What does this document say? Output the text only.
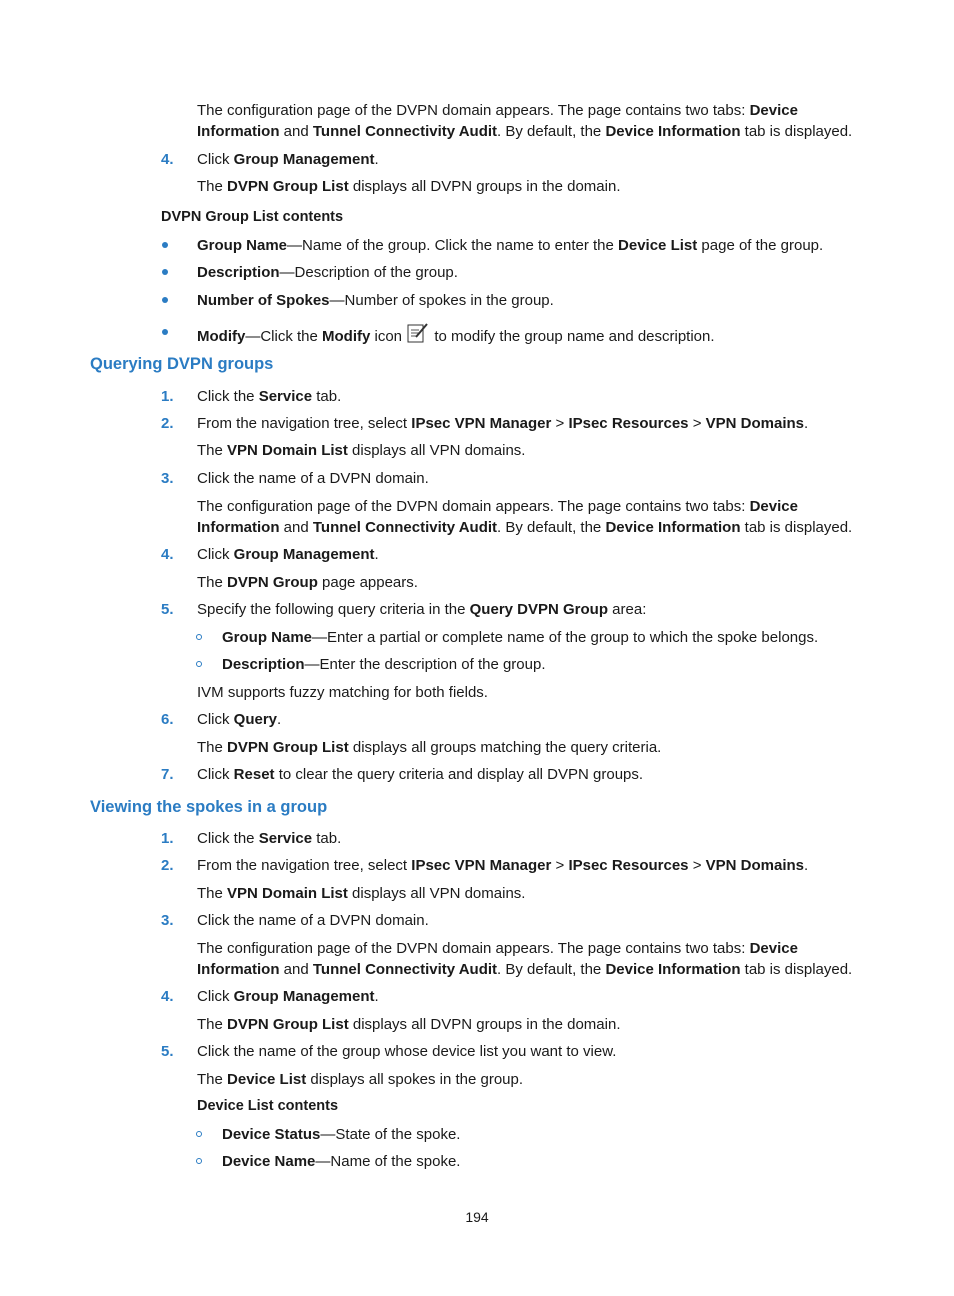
The configuration page of the DVPN domain appears. The page contains two tabs: Device
Information and Tunnel Connectivity Audit. By default, the Device Information tab is displayed.
4. Click Group Management.
The DVPN Group List displays all DVPN groups in the domain.
DVPN Group List contents
Group Name—Name of the group. Click the name to enter the Device List page of the group.
Description—Description of the group.
Number of Spokes—Number of spokes in the group.
Modify—Click the Modify icon  to modify the group name and description.
Querying DVPN groups
1. Click the Service tab.
2. From the navigation tree, select IPsec VPN Manager > IPsec Resources > VPN Domains.
The VPN Domain List displays all VPN domains.
3. Click the name of a DVPN domain.
The configuration page of the DVPN domain appears. The page contains two tabs: Device
Information and Tunnel Connectivity Audit. By default, the Device Information tab is displayed.
4. Click Group Management.
The DVPN Group page appears.
5. Specify the following query criteria in the Query DVPN Group area:
Group Name—Enter a partial or complete name of the group to which the spoke belongs.
Description—Enter the description of the group.
IVM supports fuzzy matching for both fields.
6. Click Query.
The DVPN Group List displays all groups matching the query criteria.
7. Click Reset to clear the query criteria and display all DVPN groups.
Viewing the spokes in a group
1. Click the Service tab.
2. From the navigation tree, select IPsec VPN Manager > IPsec Resources > VPN Domains.
The VPN Domain List displays all VPN domains.
3. Click the name of a DVPN domain.
The configuration page of the DVPN domain appears. The page contains two tabs: Device
Information and Tunnel Connectivity Audit. By default, the Device Information tab is displayed.
4. Click Group Management.
The DVPN Group List displays all DVPN groups in the domain.
5. Click the name of the group whose device list you want to view.
The Device List displays all spokes in the group.
Device List contents
Device Status—State of the spoke.
Device Name—Name of the spoke.
194
